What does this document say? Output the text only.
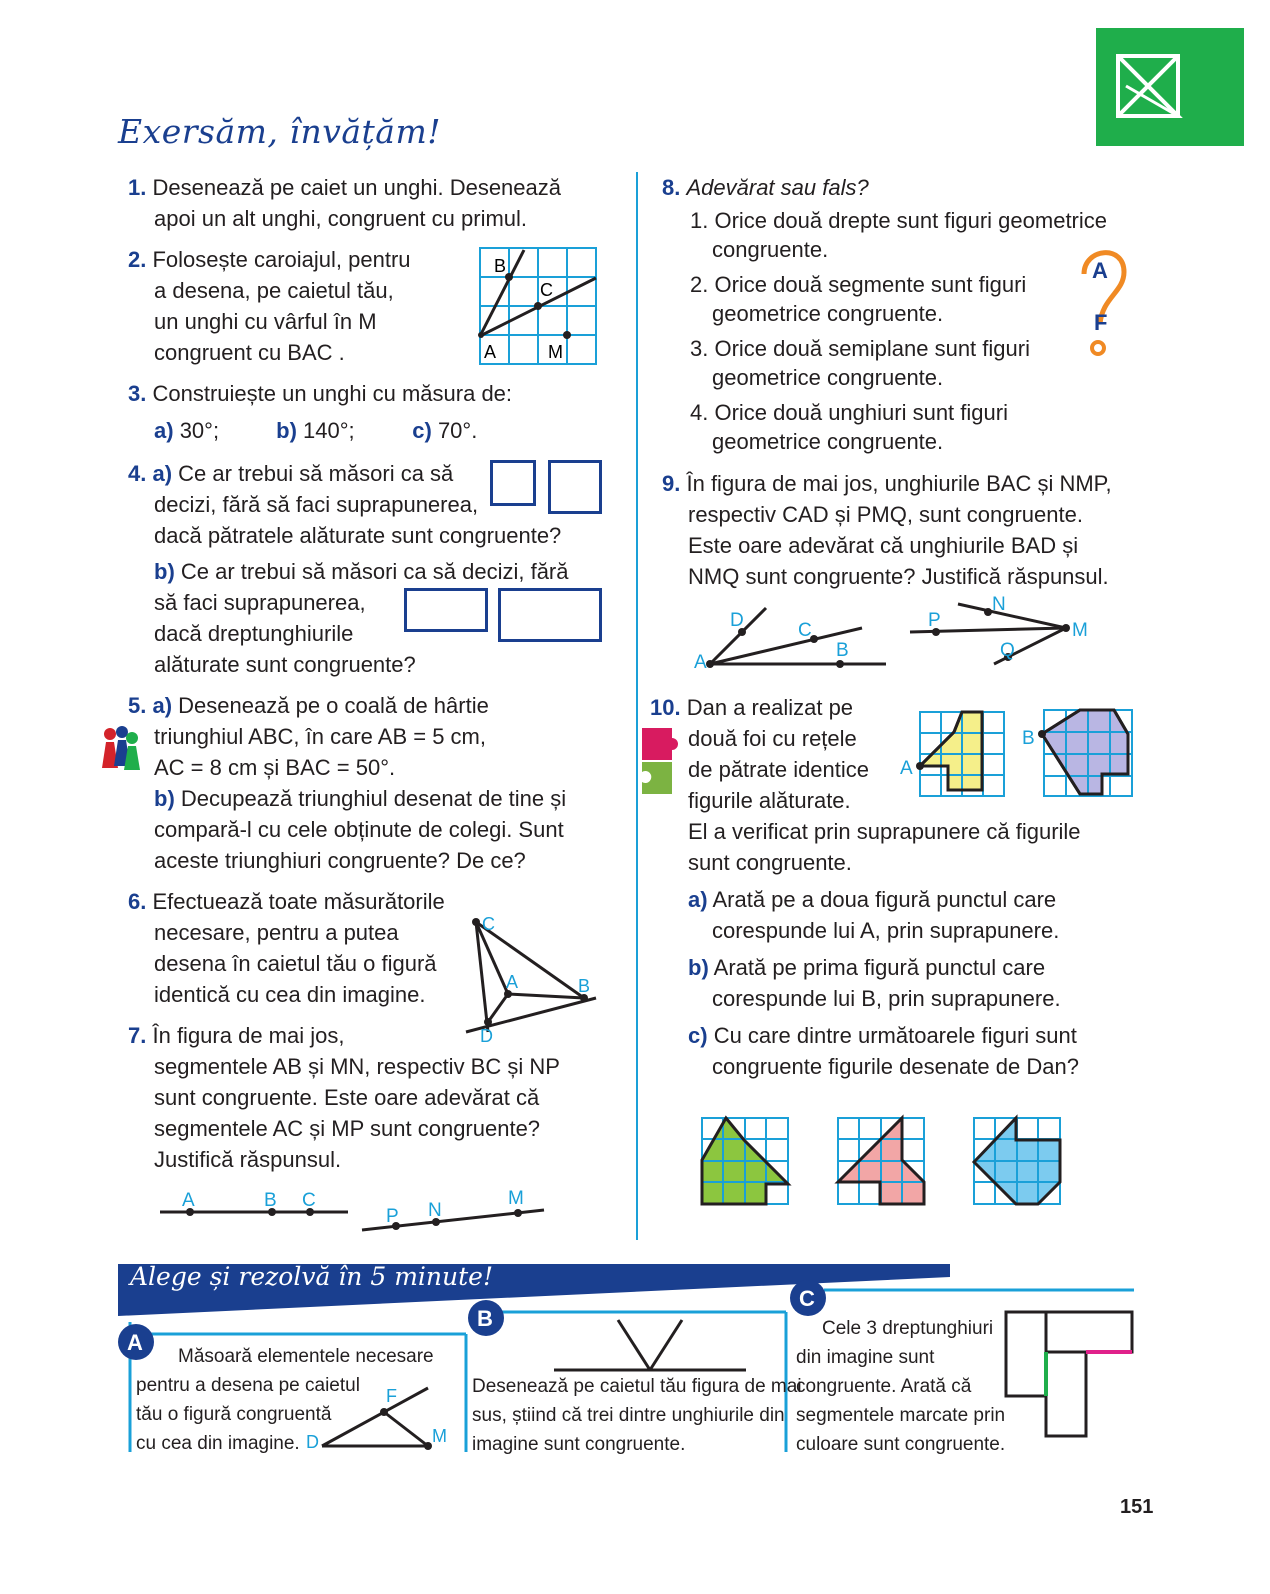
Exersăm, învățăm!
1. Desenează pe caiet un unghi. Desenează
apoi un alt unghi, congruent cu primul.
2. Folosește caroiajul, pentru
a desena, pe caietul tău,
un unghi cu vârful în M
congruent cu BAC .
B
C
A	M
3. Construiește un unghi cu măsura de:
a) 30°;	b) 140°;	c) 70°.
4. a) Ce ar trebui să măsori ca să
decizi, fără să faci suprapunerea,
dacă pătratele alăturate sunt congruente?
b) Ce ar trebui să măsori ca să decizi, fără
să faci suprapunerea,
dacă dreptunghiurile
alăturate sunt congruente?
5. a) Desenează pe o coală de hârtie
triunghiul ABC, în care AB = 5 cm,
AC = 8 cm și BAC = 50°.
b) Decupează triunghiul desenat de tine și
compară-l cu cele obținute de colegi. Sunt
aceste triunghiuri congruente? De ce?
6. Efectuează toate măsurătorile
necesare, pentru a putea
desena în caietul tău o figură
identică cu cea din imagine.
C
A	B
D
7. În figura de mai jos,
segmentele AB și MN, respectiv BC și NP
sunt congruente. Este oare adevărat că
segmentele AC și MP sunt congruente?
Justifică răspunsul.
A	B C
P N
M
8. Adevărat sau fals?
1. Orice două drepte sunt figuri geometrice
congruente.
2. Orice două segmente sunt figuri
geometrice congruente.
3. Orice două semiplane sunt figuri
geometrice congruente.
4. Orice două unghiuri sunt figuri
geometrice congruente.
A
F
9. În figura de mai jos, unghiurile BAC și NMP,
respectiv CAD și PMQ, sunt congruente.
Este oare adevărat că unghiurile BAD și
NMQ sunt congruente? Justifică răspunsul.
D	C
A
B
P
N
M
Q
10. Dan a realizat pe
două foi cu rețele
de pătrate identice
figurile alăturate.
El a verificat prin suprapunere că figurile
sunt congruente.
A
B
a) Arată pe a doua figură punctul care
corespunde lui A, prin suprapunere.

b) Arată pe prima figură punctul care
corespunde lui B, prin suprapunere.

c) Cu care dintre următoarele figuri sunt
congruente figurile desenate de Dan?
Alege și rezolvă în 5 minute!
A
Măsoară elementele necesare
pentru a desena pe caietul
tău o figură congruentă
cu cea din imagine. D
F
M
B
Desenează pe caietul tău figura de mai
sus, știind că trei dintre unghiurile din
imagine sunt congruente.
C
Cele 3 dreptunghiuri
din imagine sunt
congruente. Arată că
segmentele marcate prin
culoare sunt congruente.
151
